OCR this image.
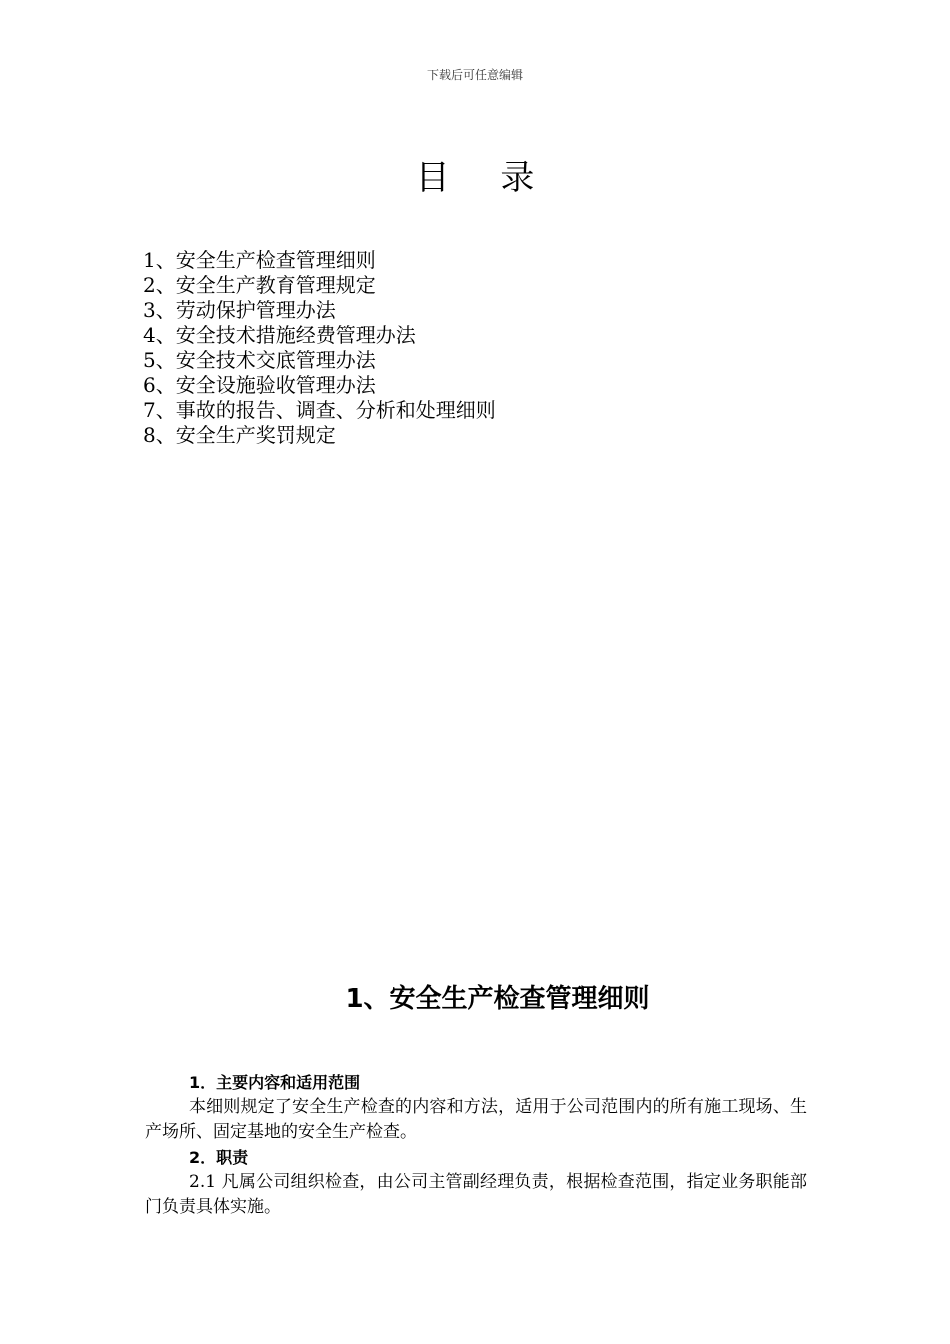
下载后可任意编辑
目 录
1、安全生产检查管理细则
2、安全生产教育管理规定
3、劳动保护管理办法
4、安全技术措施经费管理办法
5、安全技术交底管理办法
6、安全设施验收管理办法
7、事故的报告、调查、分析和处理细则
8、安全生产奖罚规定
1、安全生产检查管理细则
1．主要内容和适用范围
本细则规定了安全生产检查的内容和方法，适用于公司范围内的所有施工现场、生产场所、固定基地的安全生产检查。
2．职责
2.1 凡属公司组织检查，由公司主管副经理负责，根据检查范围，指定业务职能部门负责具体实施。
